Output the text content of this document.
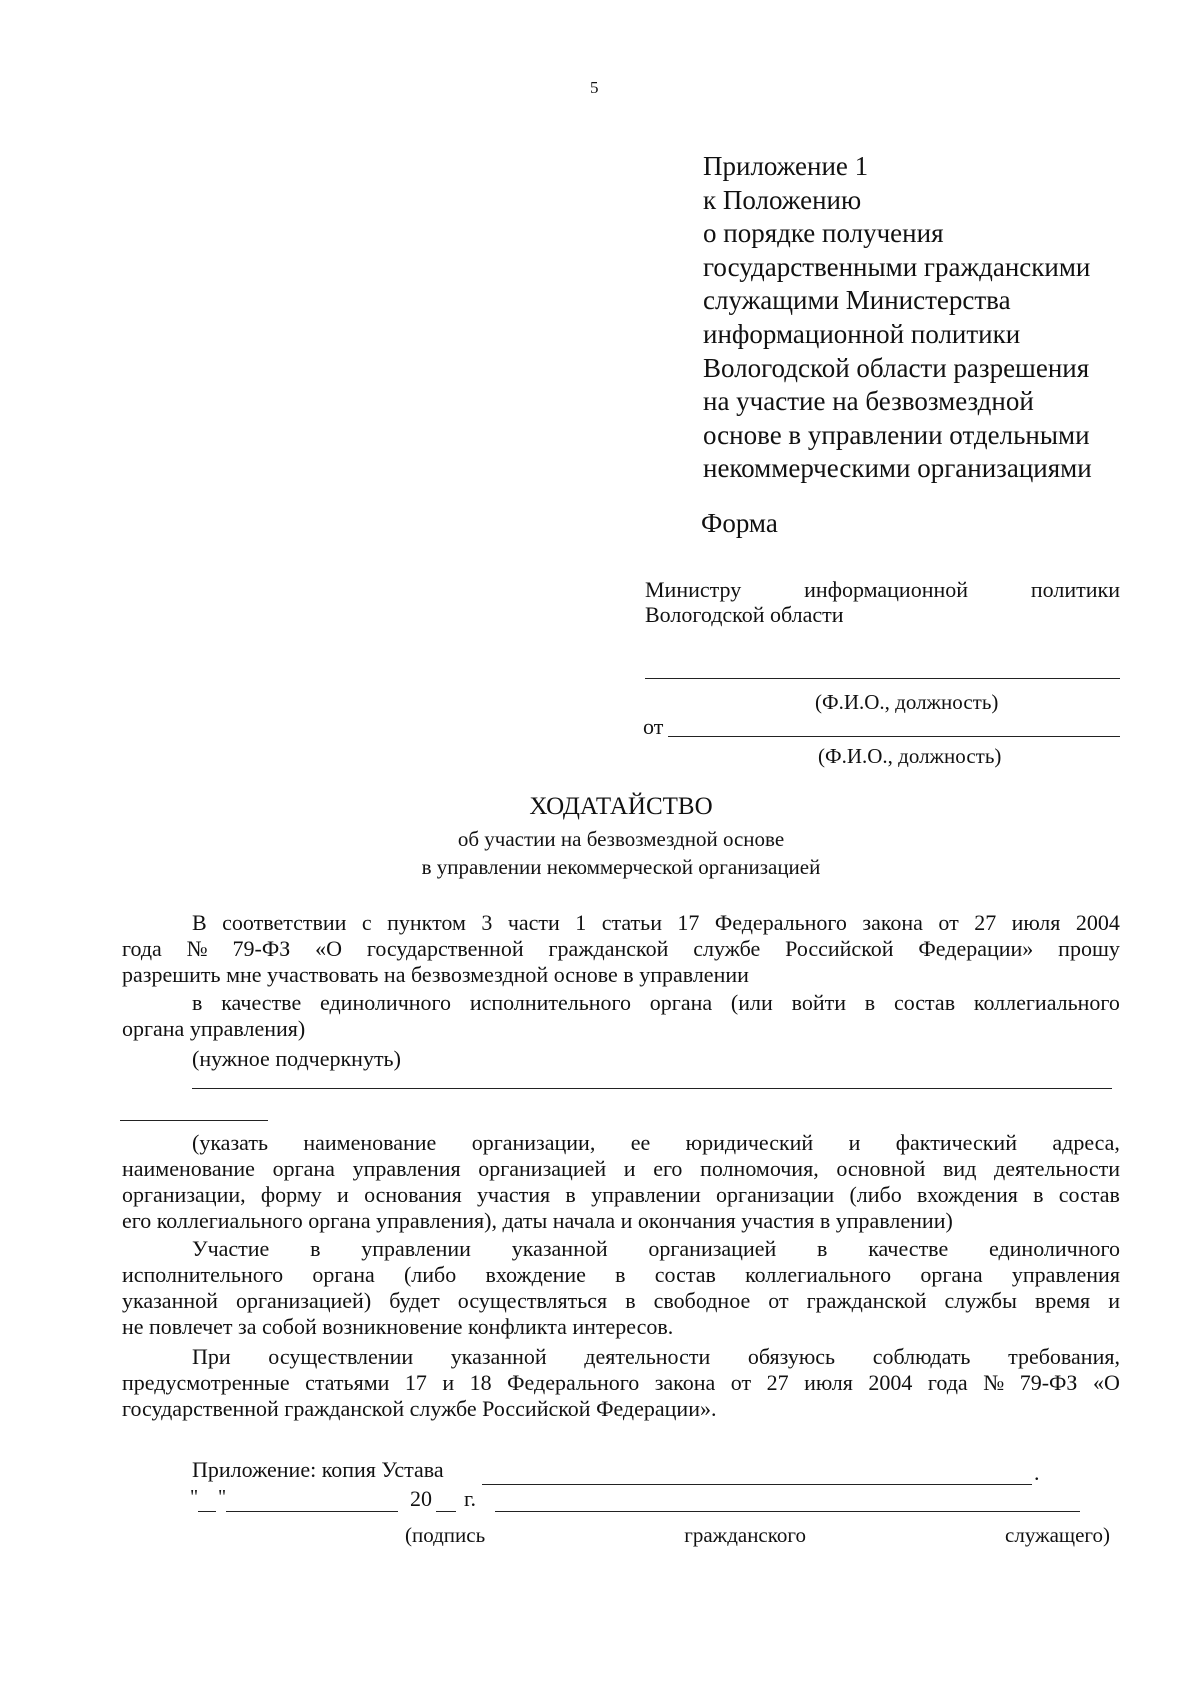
5
Приложение 1
к Положению
о порядке получения
государственными гражданскими
служащими Министерства
информационной политики
Вологодской области разрешения
на участие на безвозмездной
основе в управлении отдельными
некоммерческими организациями
Форма
Министру	информационной	политики
Вологодской области
(Ф.И.О., должность)
от
(Ф.И.О., должность)
ХОДАТАЙСТВО
об участии на безвозмездной основе
в управлении некоммерческой организацией
В соответствии с пунктом 3 части 1 статьи 17 Федерального закона от 27 июля 2004
года № 79-ФЗ «О государственной гражданской службе Российской Федерации» прошу
разрешить мне участвовать на безвозмездной основе в управлении
в качестве единоличного исполнительного органа (или войти в состав коллегиального
органа управления)
(нужное подчеркнуть)
(указать наименование организации, ее юридический и фактический адреса,
наименование органа управления организацией и его полномочия, основной вид деятельности
организации, форму и основания участия в управлении организации (либо вхождения в состав
его коллегиального органа управления), даты начала и окончания участия в управлении)
Участие в управлении указанной организацией в качестве единоличного
исполнительного органа (либо вхождение в состав коллегиального органа управления
указанной организацией) будет осуществляться в свободное от гражданской службы время и
не повлечет за собой возникновение конфликта интересов.
При осуществлении указанной деятельности обязуюсь соблюдать требования,
предусмотренные статьями 17 и 18 Федерального закона от 27 июля 2004 года № 79-ФЗ «О
государственной гражданской службе Российской Федерации».
Приложение: копия Устава	.
" "	20 г.
(подпись	гражданского	служащего)
